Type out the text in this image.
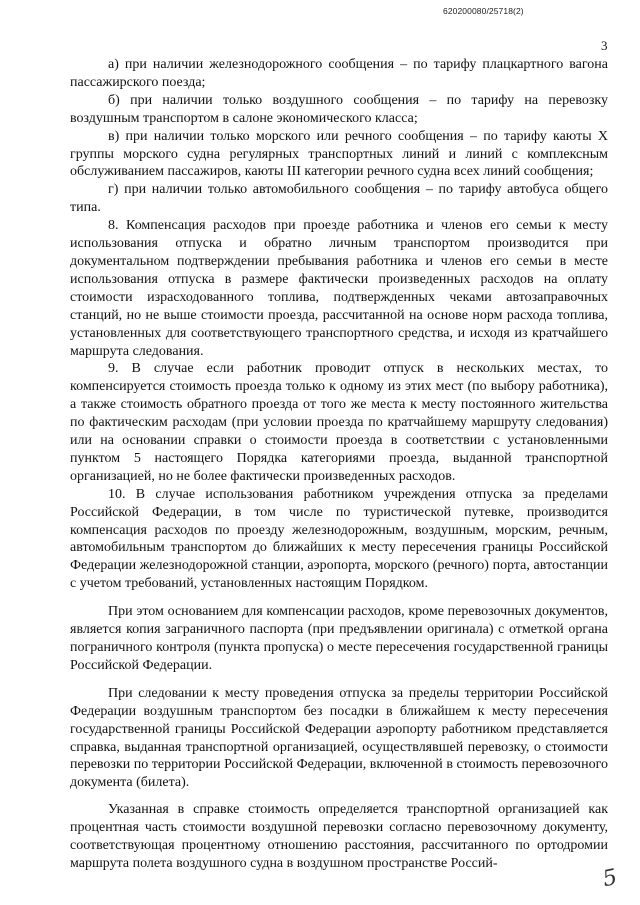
620200080/25718(2)
3

а) при наличии железнодорожного сообщения – по тарифу плацкартного вагона пассажирского поезда;

б) при наличии только воздушного сообщения – по тарифу на перевозку воздушным транспортом в салоне экономического класса;

в) при наличии только морского или речного сообщения – по тарифу каюты X группы морского судна регулярных транспортных линий и линий с комплексным обслуживанием пассажиров, каюты III категории речного судна всех линий сообщения;

г) при наличии только автомобильного сообщения – по тарифу автобуса общего типа.

8. Компенсация расходов при проезде работника и членов его семьи к месту использования отпуска и обратно личным транспортом производится при документальном подтверждении пребывания работника и членов его семьи в месте использования отпуска в размере фактически произведенных расходов на оплату стоимости израсходованного топлива, подтвержденных чеками автозаправочных станций, но не выше стоимости проезда, рассчитанной на основе норм расхода топлива, установленных для соответствующего транспортного средства, и исходя из кратчайшего маршрута следования.

9. В случае если работник проводит отпуск в нескольких местах, то компенсируется стоимость проезда только к одному из этих мест (по выбору работника), а также стоимость обратного проезда от того же места к месту постоянного жительства по фактическим расходам (при условии проезда по кратчайшему маршруту следования) или на основании справки о стоимости проезда в соответствии с установленными пунктом 5 настоящего Порядка категориями проезда, выданной транспортной организацией, но не более фактически произведенных расходов.

10. В случае использования работником учреждения отпуска за пределами Российской Федерации, в том числе по туристической путевке, производится компенсация расходов по проезду железнодорожным, воздушным, морским, речным, автомобильным транспортом до ближайших к месту пересечения границы Российской Федерации железнодорожной станции, аэропорта, морского (речного) порта, автостанции с учетом требований, установленных настоящим Порядком.

При этом основанием для компенсации расходов, кроме перевозочных документов, является копия заграничного паспорта (при предъявлении оригинала) с отметкой органа пограничного контроля (пункта пропуска) о месте пересечения государственной границы Российской Федерации.

При следовании к месту проведения отпуска за пределы территории Российской Федерации воздушным транспортом без посадки в ближайшем к месту пересечения государственной границы Российской Федерации аэропорту работником представляется справка, выданная транспортной организацией, осуществлявшей перевозку, о стоимости перевозки по территории Российской Федерации, включенной в стоимость перевозочного документа (билета).

Указанная в справке стоимость определяется транспортной организацией как процентная часть стоимости воздушной перевозки согласно перевозочному документу, соответствующая процентному отношению расстояния, рассчитанного по ортодромии маршрута полета воздушного судна в воздушном пространстве Россий-

5
